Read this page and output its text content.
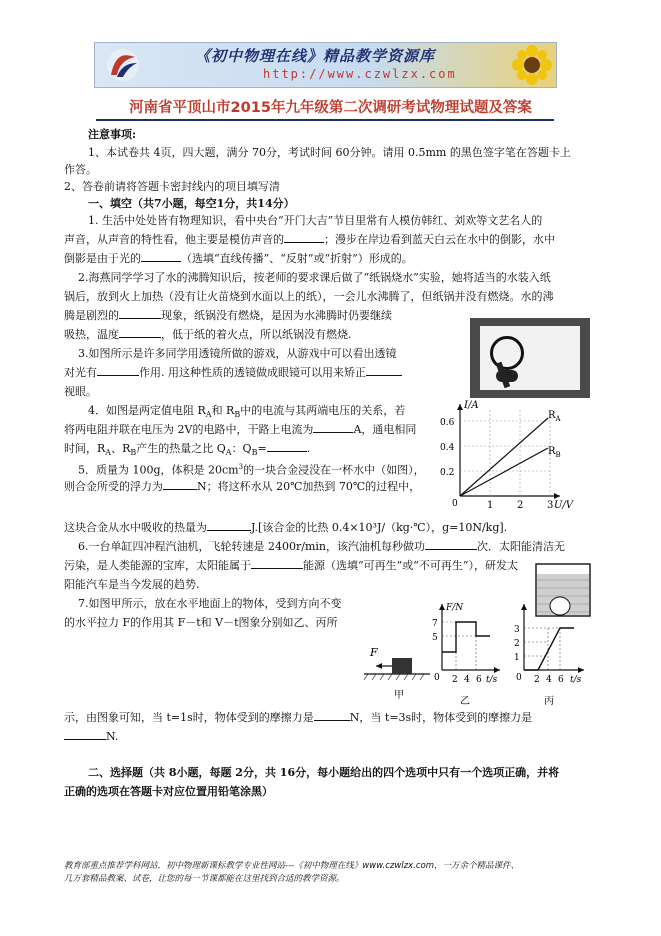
《初中物理在线》精品教学资源库
http://www.czwlzx.com
河南省平顶山市2015年九年级第二次调研考试物理试题及答案

注意事项:

1、本试卷共 4页，四大题，满分 70分，考试时间 60分钟。请用 0.5mm 的黑色签字笔在答题卡上

作答。

2、答卷前请将答题卡密封线内的项目填写清

一、填空（共7小题，每空1分，共14分）

1. 生活中处处皆有物理知识，看中央台“开门大吉”节目里常有人模仿韩红、刘欢等文艺名人的

声音，从声音的特性看，他主要是模仿声音的	；漫步在岸边看到蓝天白云在水中的倒影，水中

倒影是由于光的	（选填“直线传播”、“反射”或“折射”）形成的。

2.海燕同学学习了水的沸腾知识后，按老师的要求课后做了“纸锅烧水”实验，她将适当的水装入纸

锅后，放到火上加热（没有让火苗烧到水面以上的纸），一会儿水沸腾了，但纸锅并没有燃烧。水的沸

腾是剧烈的	现象，纸锅没有燃烧，是因为水沸腾时仍要继续

吸热，温度	，低于纸的着火点，所以纸锅没有燃烧.

3.如图所示是许多同学用透镜所做的游戏，从游戏中可以看出透镜

对光有	作用. 用这种性质的透镜做成眼镜可以用来矫正

视眼。

4．如图是两定值电阻 $R_A$和 $R_B$中的电流与其两端电压的关系，若

将两电阻并联在电压为 2V的电路中，干路上电流为	A，通电相同

时间，$R_A$、$R_B$产生的热量之比 $Q_A$：$Q_B=$	.

I/A
U/V
0
0.2
0.4
0.6
1 2 3
$R_A$
$R_B$

5．质量为 100g，体积是 $20cm^3$的一块合金浸没在一杯水中（如图），

则合金所受的浮力为	N；将这杯水从 20℃加热到 70℃的过程中，

这块合金从水中吸收的热量为	J.[该合金的比热 0.4×10³J/（kg·℃），g=10N/kg].

6.一台单缸四冲程汽油机，飞轮转速是 2400r/min，该汽油机每秒做功	次．太阳能清洁无

污染，是人类能源的宝库，太阳能属于	能源（选填“可再生”或“不可再生”），研发太

阳能汽车是当今发展的趋势.

7.如图甲所示，放在水平地面上的物体，受到方向不变

的水平拉力 F的作用其 F－t和 V－t图象分别如乙、丙所

F
甲
F/N
5
7
0 2 4 6 t/s
乙
1
2
3
0 2 4 6 t/s
丙

示，由图象可知，当 t=1s时，物体受到的摩擦力是	N，当 t=3s时，物体受到的摩擦力是

N.

二、选择题（共 8小题，每题 2分，共 16分，每小题给出的四个选项中只有一个选项正确，并将

正确的选项在答题卡对应位置用铅笔涂黑）

教育部重点推荐学科网站，初中物理新课标教学专业性网站---《初中物理在线》www.czwlzx.com，一万余个精品课件、
几万套精品教案、试卷，让您的每一节课都能在这里找到合适的教学资源。
